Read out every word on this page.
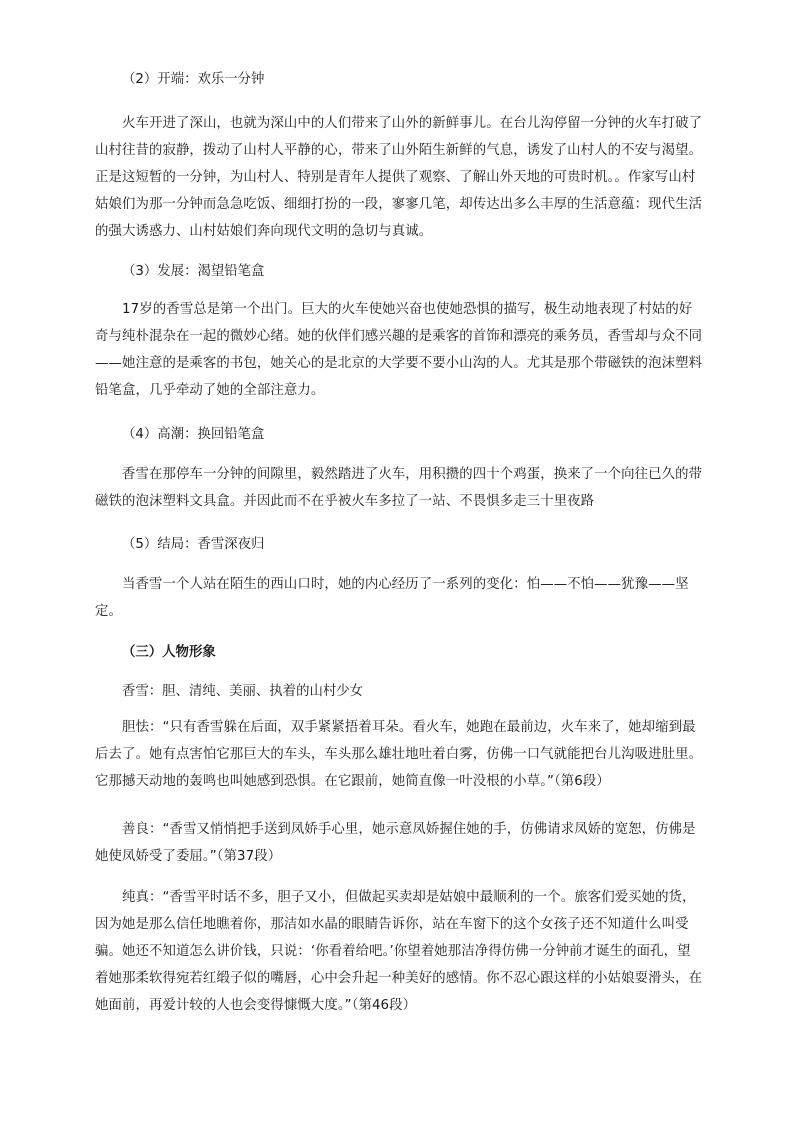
（2）开端：欢乐一分钟

火车开进了深山，也就为深山中的人们带来了山外的新鲜事儿。在台儿沟停留一分钟的火车打破了山村往昔的寂静，拨动了山村人平静的心，带来了山外陌生新鲜的气息，诱发了山村人的不安与渴望。正是这短暂的一分钟，为山村人、特别是青年人提供了观察、了解山外天地的可贵时机。。作家写山村姑娘们为那一分钟而急急吃饭、细细打扮的一段，寥寥几笔，却传达出多么丰厚的生活意蕴：现代生活的强大诱惑力、山村姑娘们奔向现代文明的急切与真诚。

（3）发展：渴望铅笔盒

17岁的香雪总是第一个出门。巨大的火车使她兴奋也使她恐惧的描写，极生动地表现了村姑的好奇与纯朴混杂在一起的微妙心绪。她的伙伴们感兴趣的是乘客的首饰和漂亮的乘务员，香雪却与众不同——她注意的是乘客的书包，她关心的是北京的大学要不要小山沟的人。尤其是那个带磁铁的泡沫塑料铅笔盒，几乎牵动了她的全部注意力。

（4）高潮：换回铅笔盒

香雪在那停车一分钟的间隙里，毅然踏进了火车，用积攒的四十个鸡蛋，换来了一个向往已久的带磁铁的泡沫塑料文具盒。并因此而不在乎被火车多拉了一站、不畏惧多走三十里夜路

（5）结局：香雪深夜归

当香雪一个人站在陌生的西山口时，她的内心经历了一系列的变化：怕——不怕——犹豫——坚定。

（三）人物形象

香雪：胆、清纯、美丽、执着的山村少女

胆怯：“只有香雪躲在后面，双手紧紧捂着耳朵。看火车，她跑在最前边，火车来了，她却缩到最后去了。她有点害怕它那巨大的车头，车头那么雄壮地吐着白雾，仿佛一口气就能把台儿沟吸进肚里。它那撼天动地的轰鸣也叫她感到恐惧。在它跟前，她简直像一叶没根的小草。”（第6段）

善良：“香雪又悄悄把手送到凤娇手心里，她示意凤娇握住她的手，仿佛请求凤娇的宽恕，仿佛是她使凤娇受了委屈。”（第37段）

纯真：“香雪平时话不多，胆子又小，但做起买卖却是姑娘中最顺利的一个。旅客们爱买她的货，因为她是那么信任地瞧着你，那洁如水晶的眼睛告诉你，站在车窗下的这个女孩子还不知道什么叫受骗。她还不知道怎么讲价钱，只说：‘你看着给吧。’你望着她那洁净得仿佛一分钟前才诞生的面孔，望着她那柔软得宛若红缎子似的嘴唇，心中会升起一种美好的感情。你不忍心跟这样的小姑娘耍滑头，在她面前，再爱计较的人也会变得慷慨大度。”（第46段）
